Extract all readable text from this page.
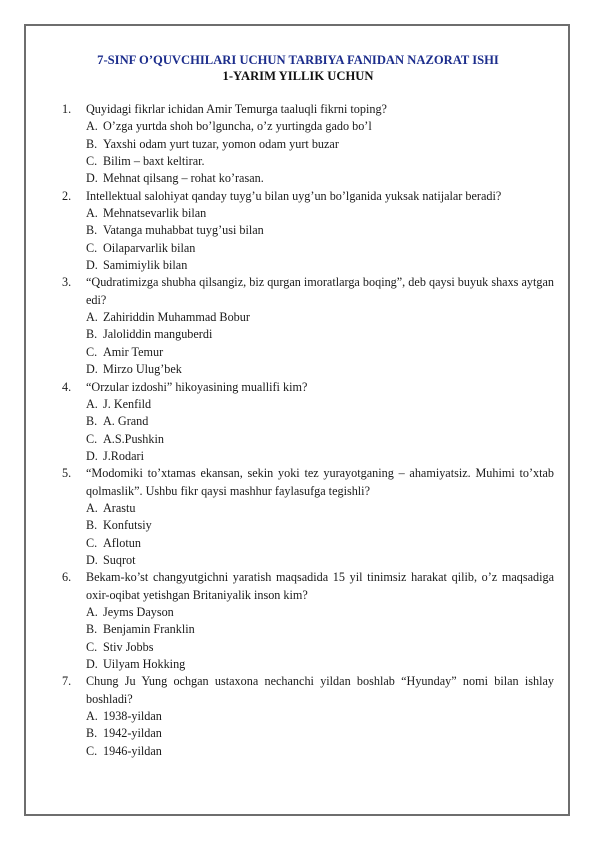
7-SINF O’QUVCHILARI UCHUN TARBIYA FANIDAN NAZORAT ISHI
1-YARIM YILLIK UCHUN
1.	Quyidagi fikrlar ichidan Amir Temurga taaluqli fikrni toping?
A. O’zga yurtda shoh bo’lguncha, o’z yurtingda gado bo’l
B. Yaxshi odam yurt tuzar, yomon odam yurt buzar
C. Bilim – baxt keltirar.
D. Mehnat qilsang – rohat ko’rasan.
2.	Intellektual salohiyat qanday tuyg’u bilan uyg’un bo’lganida yuksak natijalar beradi?
A. Mehnatsevarlik bilan
B. Vatanga muhabbat tuyg’usi bilan
C. Oilaparvarlik bilan
D. Samimiylik bilan
3.	“Qudratimizga shubha qilsangiz, biz qurgan imoratlarga boqing”, deb qaysi buyuk shaxs aytgan edi?
A. Zahiriddin Muhammad Bobur
B. Jaloliddin manguberdi
C. Amir Temur
D. Mirzo Ulug’bek
4.	“Orzular izdoshi” hikoyasining muallifi kim?
A. J. Kenfild
B. A. Grand
C. A.S.Pushkin
D. J.Rodari
5.	“Modomiki to’xtamas ekansan, sekin yoki tez yurayotganing – ahamiyatsiz. Muhimi to’xtab qolmaslik”. Ushbu fikr qaysi mashhur faylasufga tegishli?
A. Arastu
B. Konfutsiy
C. Aflotun
D. Suqrot
6.	Bekam-ko’st changyutgichni yaratish maqsadida 15 yil tinimsiz harakat qilib, o’z maqsadiga oxir-oqibat yetishgan Britaniyalik inson kim?
A. Jeyms Dayson
B. Benjamin Franklin
C. Stiv Jobbs
D. Uilyam Hokking
7.	Chung Ju Yung ochgan ustaxona nechanchi yildan boshlab “Hyunday” nomi bilan ishlay boshladi?
A. 1938-yildan
B. 1942-yildan
C. 1946-yildan
